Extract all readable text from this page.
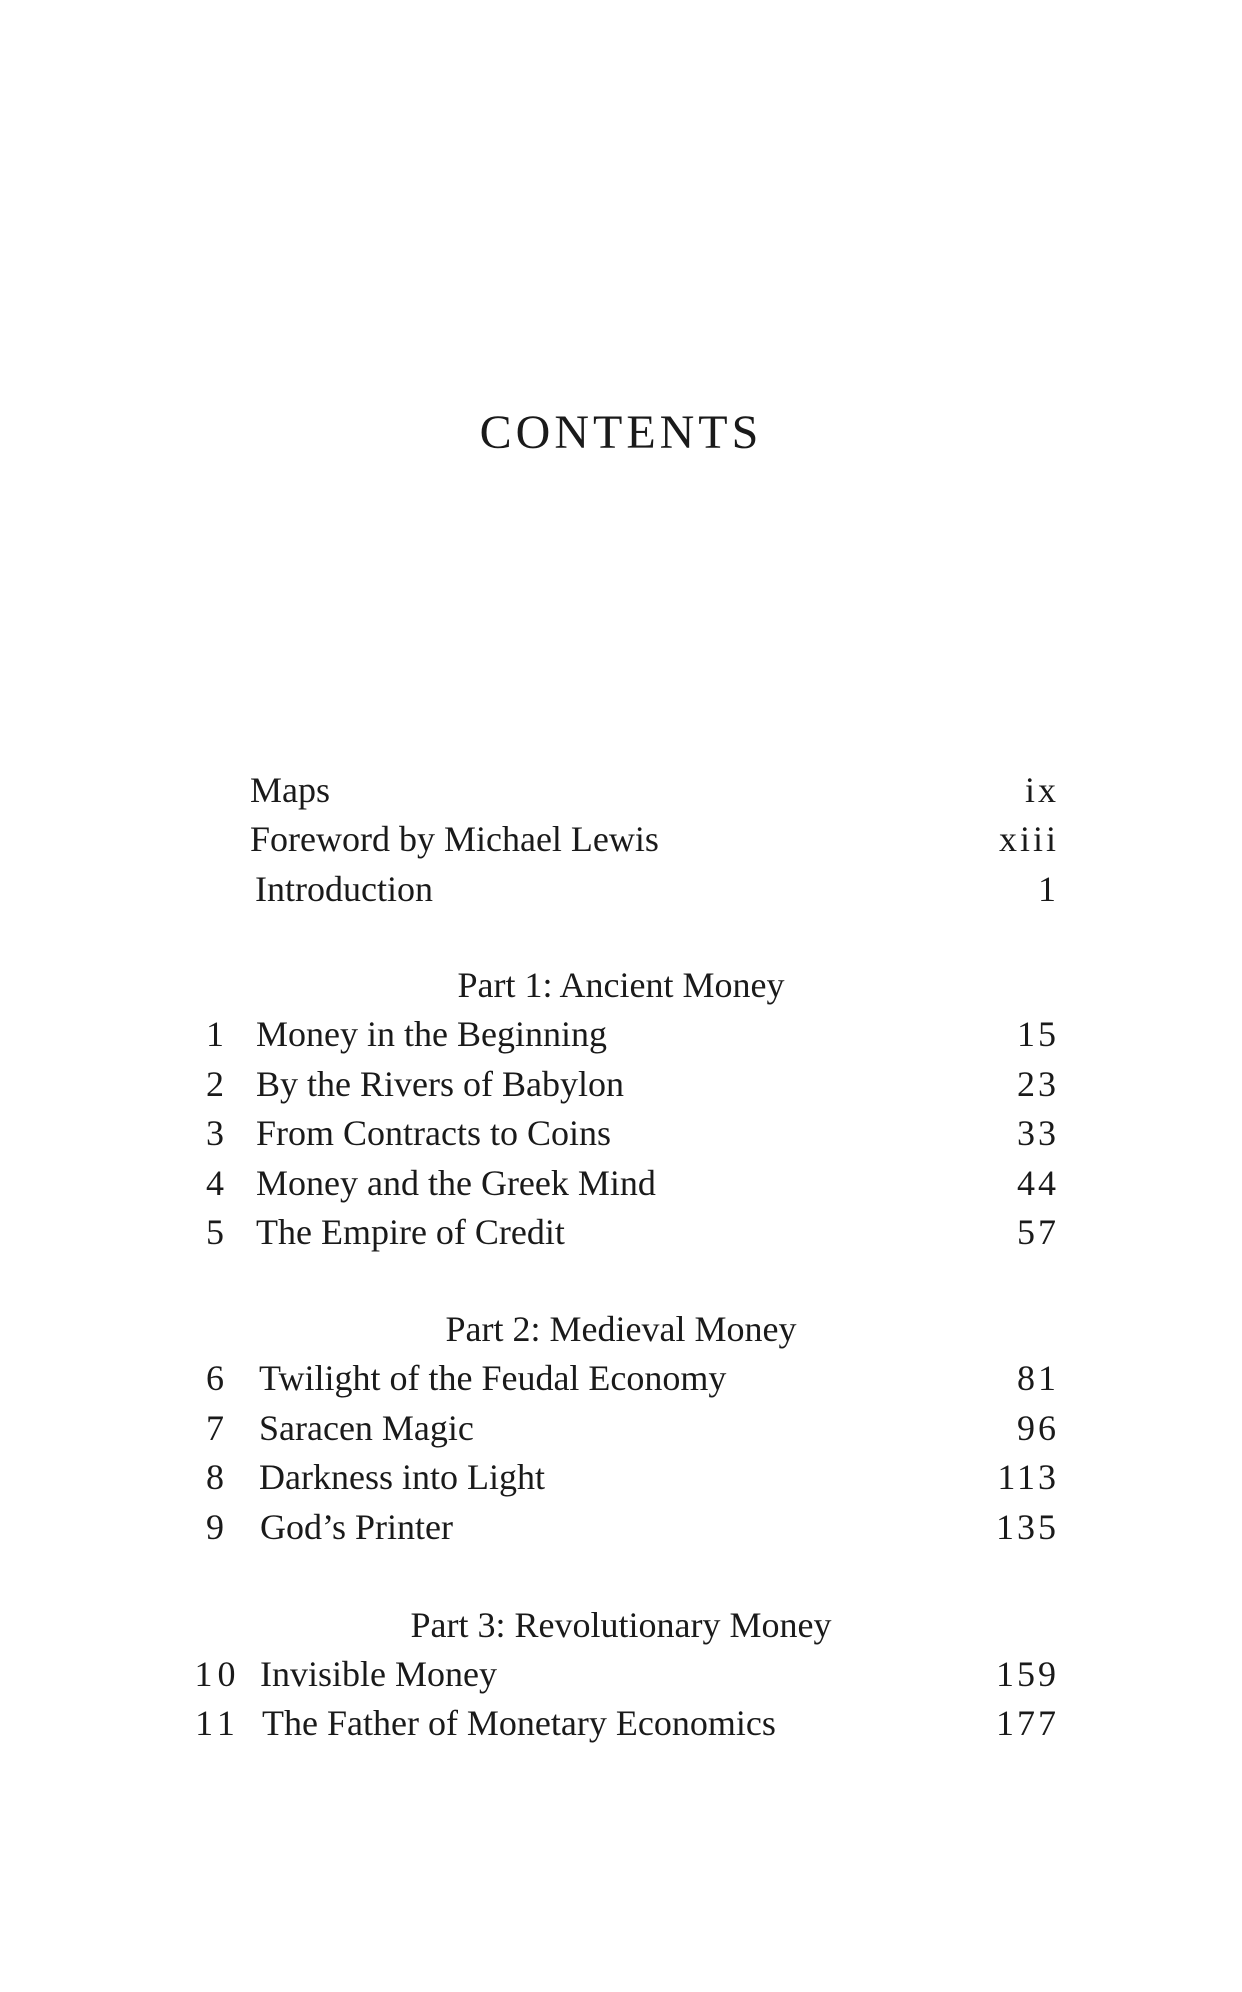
CONTENTS
Maps	ix
Foreword by Michael Lewis	xiii
Introduction	1
Part 1: Ancient Money
1 Money in the Beginning	15
2 By the Rivers of Babylon	23
3 From Contracts to Coins	33
4 Money and the Greek Mind	44
5 The Empire of Credit	57
Part 2: Medieval Money
6 Twilight of the Feudal Economy	81
7 Saracen Magic	96
8 Darkness into Light	113
9	God’s Printer	135
Part 3: Revolutionary Money
10 Invisible Money	159
11 The Father of Monetary Economics	177
